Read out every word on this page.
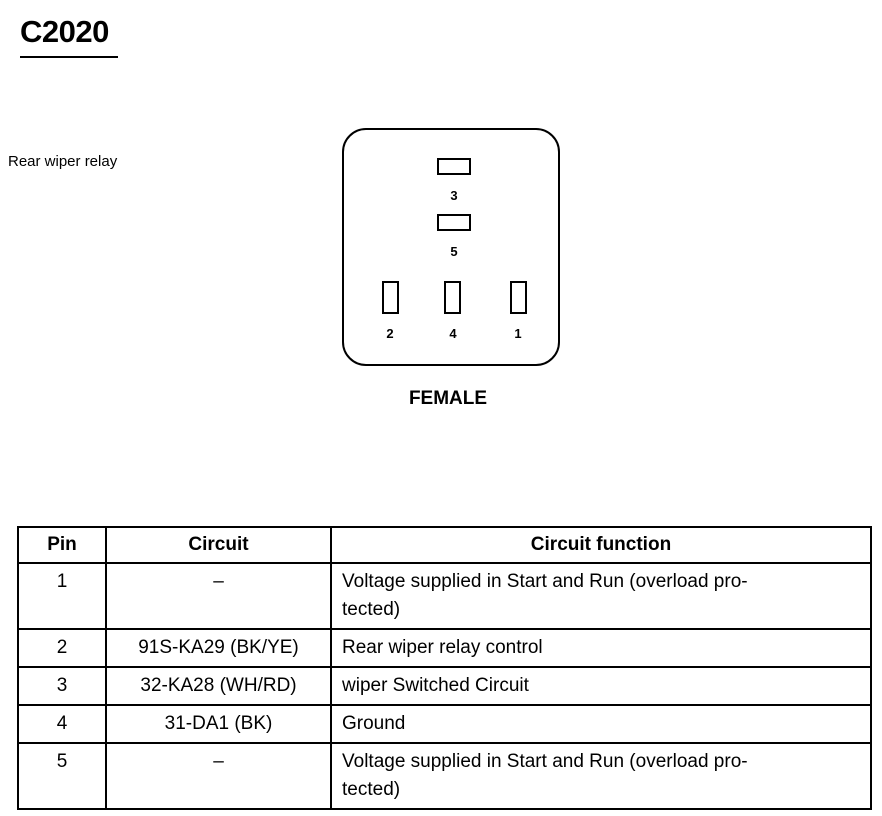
C2020
Rear wiper relay
3
5
2	4	1
FEMALE
Pin	Circuit	Circuit function
1	–	Voltage supplied in Start and Run (overload pro-
tected)

2	91S-KA29 (BK/YE)	Rear wiper relay control
3	32-KA28 (WH/RD)	wiper Switched Circuit
4	31-DA1 (BK)	Ground
5	–	Voltage supplied in Start and Run (overload pro-
tected)
